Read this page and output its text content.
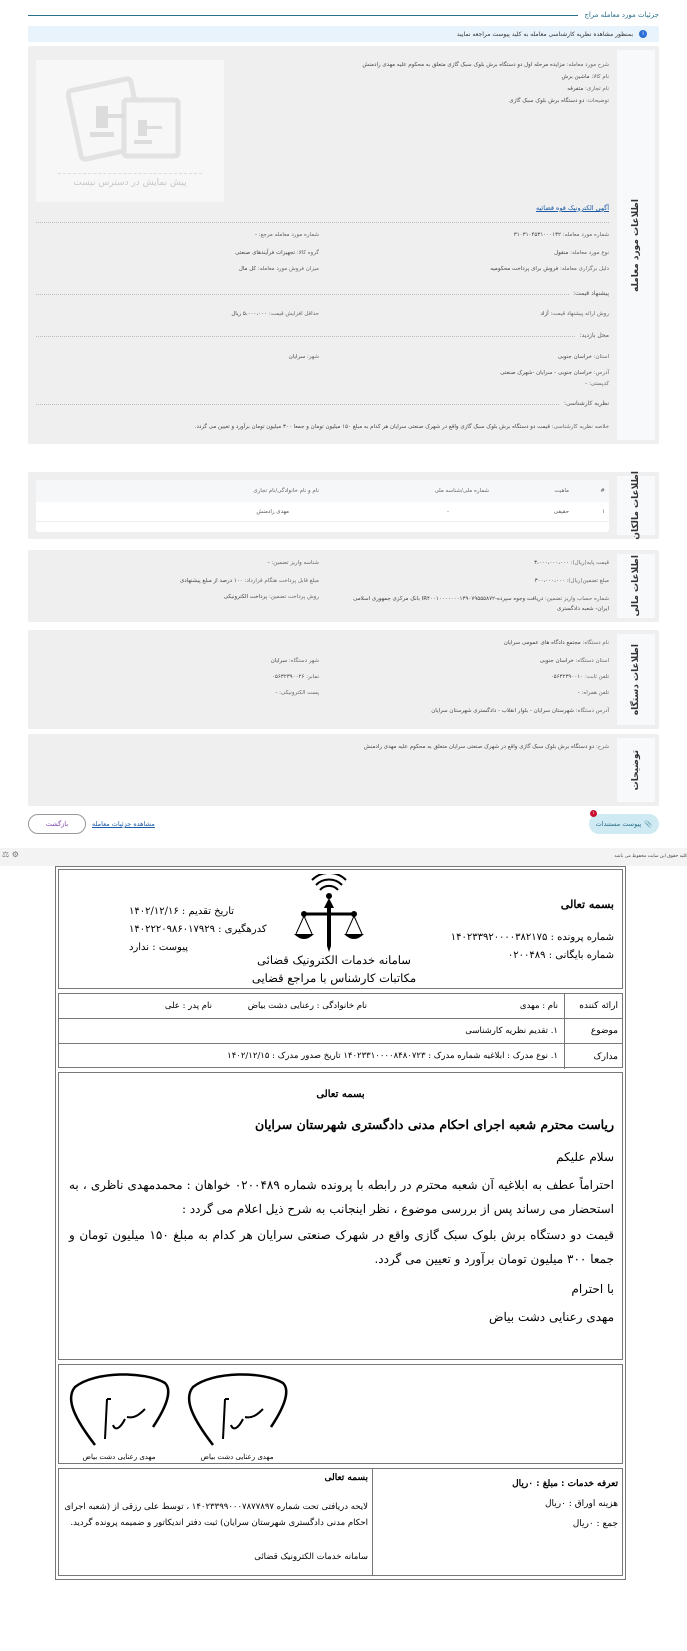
جزئیات مورد معامله مراج
i
بمنظور مشاهده نظریه کارشناسی معامله به کلید پیوست مراجعه نمایید
اطلاعات مورد معامله
شرح مورد معامله: مزایده مرحله اول دو دستگاه برش بلوک سبک گازی متعلق به محکوم علیه مهدی رادمنش
نام کالا: ماشین برش
نام تجاری: متفرقه
توضیحات: دو دستگاه برش بلوک سبک گازی
پیش نمایش در دسترس نیست
آگهی الکترونیک قوه قضائیه
شماره مورد معامله: ۳۱۰۳۱۰۴۵۳۱۰۰۰۱۳۲
شماره مورد معامله مرجع: -
نوع مورد معامله: منقول
گروه کالا: تجهیزات فرآیندهای صنعتی
دلیل برگزاری معامله: فروش برای پرداخت محکومیه
میزان فروش مورد معامله: کل مال
پیشنهاد قیمت:
روش ارائه پیشنهاد قیمت: آزاد
حداقل افزایش قیمت: ۵،۰۰۰،۰۰۰ ریال
محل بازدید:
استان: خراسان جنوبی
شهر: سرایان
آدرس: خراسان جنوبی - سرایان -شهرک صنعتی
کدپستی: -
نظریه کارشناسی:
خلاصه نظریه کارشناسی: قیمت دو دستگاه برش بلوک سبک گازی واقع در شهرک صنعتی سرایان هر کدام به مبلغ ۱۵۰ میلیون تومان و جمعا ۳۰۰ میلیون تومان برآورد و تعیین می گردد.
اطلاعات مالکان
#
ماهیت
شماره ملی/شناسه ملی
نام و نام خانوادگی/نام تجاری
۱
حقیقی
-
مهدی رادمنش
اطلاعات مالی
قیمت پایه(ریال): ۳،۰۰۰،۰۰۰،۰۰۰
شناسه واریز تضمین: -
مبلغ تضمین(ریال): ۳۰۰،۰۰۰،۰۰۰
مبلغ قابل پرداخت هنگام قرارداد: ۱۰۰ درصد از مبلغ پیشنهادی
شماره حساب واریز تضمین: دریافت وجوه سپرده-IR۴۰۰۱۰۰۰۰۰۰۰۱۳۹۰۷۹۵۵۵۸۷۲ بانک مرکزی جمهوری اسلامی ایران- شعبه دادگستری
روش پرداخت تضمین: پرداخت الکترونیکی
اطلاعات دستگاه
نام دستگاه: مجتمع دادگاه های عمومی سرایان
استان دستگاه: خراسان جنوبی
شهر دستگاه: سرایان
تلفن ثابت: ۰۵۶۳۲۳۹۰۰۱۰
نمابر: ۰۵۶۳۲۳۹۰۰۲۶
تلفن همراه: -
پست الکترونیکی: -
آدرس دستگاه: شهرستان سرایان - بلوار انقلاب - دادگستری شهرستان سرایان
توضیحات
شرح: دو دستگاه برش بلوک سبک گازی واقع در شهرک صنعتی سرایان متعلق به محکوم علیه مهدی رادمنش
📎
پیوست مستندات
۱
مشاهده جزئیات معامله
بازگشت
کلیه حقوق این سایت محفوظ می باشد
⚙ ⚖
بسمه تعالی
شماره پرونده : ۱۴۰۲۳۳۹۲۰۰۰۰۳۸۲۱۷۵
شماره بایگانی : ۰۲۰۰۴۸۹
سامانه خدمات الکترونیک قضائی
مکاتبات کارشناس با مراجع قضایی
تاریخ تقدیم : ۱۴۰۲/۱۲/۱۶
کدرهگیری : ۱۴۰۲۲۲۰۹۸۶۰۱۷۹۲۹
پیوست : ندارد
ارائه کننده
نام : مهدی
نام خانوادگی : رعنایی دشت بیاض
نام پدر : علی
موضوع
۱. تقدیم نظریه کارشناسی
مدارک
۱. نوع مدرک : ابلاغیه شماره مدرک : ۱۴۰۲۳۳۱۰۰۰۰۸۴۸۰۷۲۳ تاریخ صدور مدرک : ۱۴۰۲/۱۲/۱۵
بسمه تعالی
ریاست محترم شعبه اجرای احکام مدنی دادگستری شهرستان سرایان
سلام علیکم
احتراماً عطف به ابلاغیه آن شعبه محترم در رابطه با پرونده شماره ۰۲۰۰۴۸۹ خواهان : محمدمهدی ناظری ، به استحضار می رساند پس از بررسی موضوع ، نظر اینجانب به شرح ذیل اعلام می گردد :
قیمت دو دستگاه برش بلوک سبک گازی واقع در شهرک صنعتی سرایان هر کدام به مبلغ ۱۵۰ میلیون تومان و جمعا ۳۰۰ میلیون تومان برآورد و تعیین می گردد.
با احترام
مهدی رعنایی دشت بیاض
مهدی رعنایی دشت بیاض	مهدی رعنایی دشت بیاض
تعرفه خدمات : مبلغ : ۰ریال
هزینه اوراق : ۰ریال
جمع : ۰ریال
بسمه تعالی
لایحه دریافتی تحت شماره ۱۴۰۲۳۳۹۹۰۰۰۷۸۷۷۸۹۷ ، توسط علی رزقی از (شعبه اجرای احکام مدنی دادگستری شهرستان سرایان) ثبت دفتر اندیکاتور و ضمیمه پرونده گردید.
سامانه خدمات الکترونیک قضائی
